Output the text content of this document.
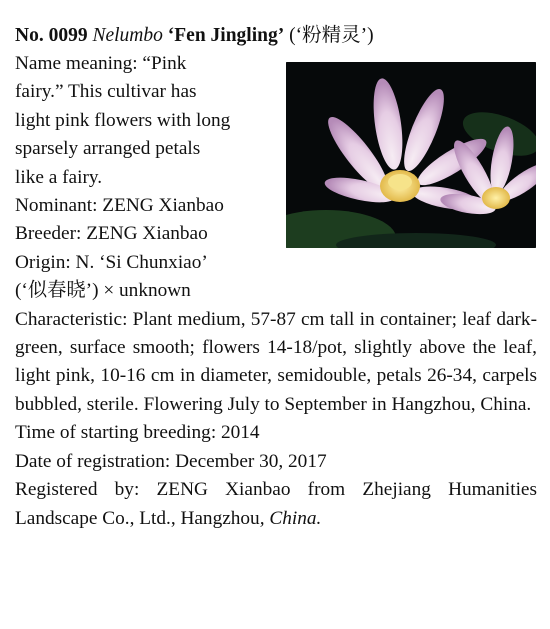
No. 0099 Nelumbo ‘Fen Jingling’ (‘粉精灵’)

Name meaning: “Pink
fairy.” This cultivar has
light pink flowers with long
sparsely arranged petals
like a fairy.
Nominant: ZENG Xianbao
Breeder: ZENG Xianbao
Origin: N. ‘Si Chunxiao’
(‘似春晓’) × unknown

Characteristic: Plant medium, 57-87 cm tall in container; leaf dark-green, surface smooth; flowers 14-18/pot, slightly above the leaf, light pink, 10-16 cm in diameter, semidouble, petals 26-34, carpels bubbled, sterile. Flowering July to September in Hangzhou, China.

Time of starting breeding: 2014

Date of registration: December 30, 2017

Registered by: ZENG Xianbao from Zhejiang Humanities Landscape Co., Ltd., Hangzhou, China.
